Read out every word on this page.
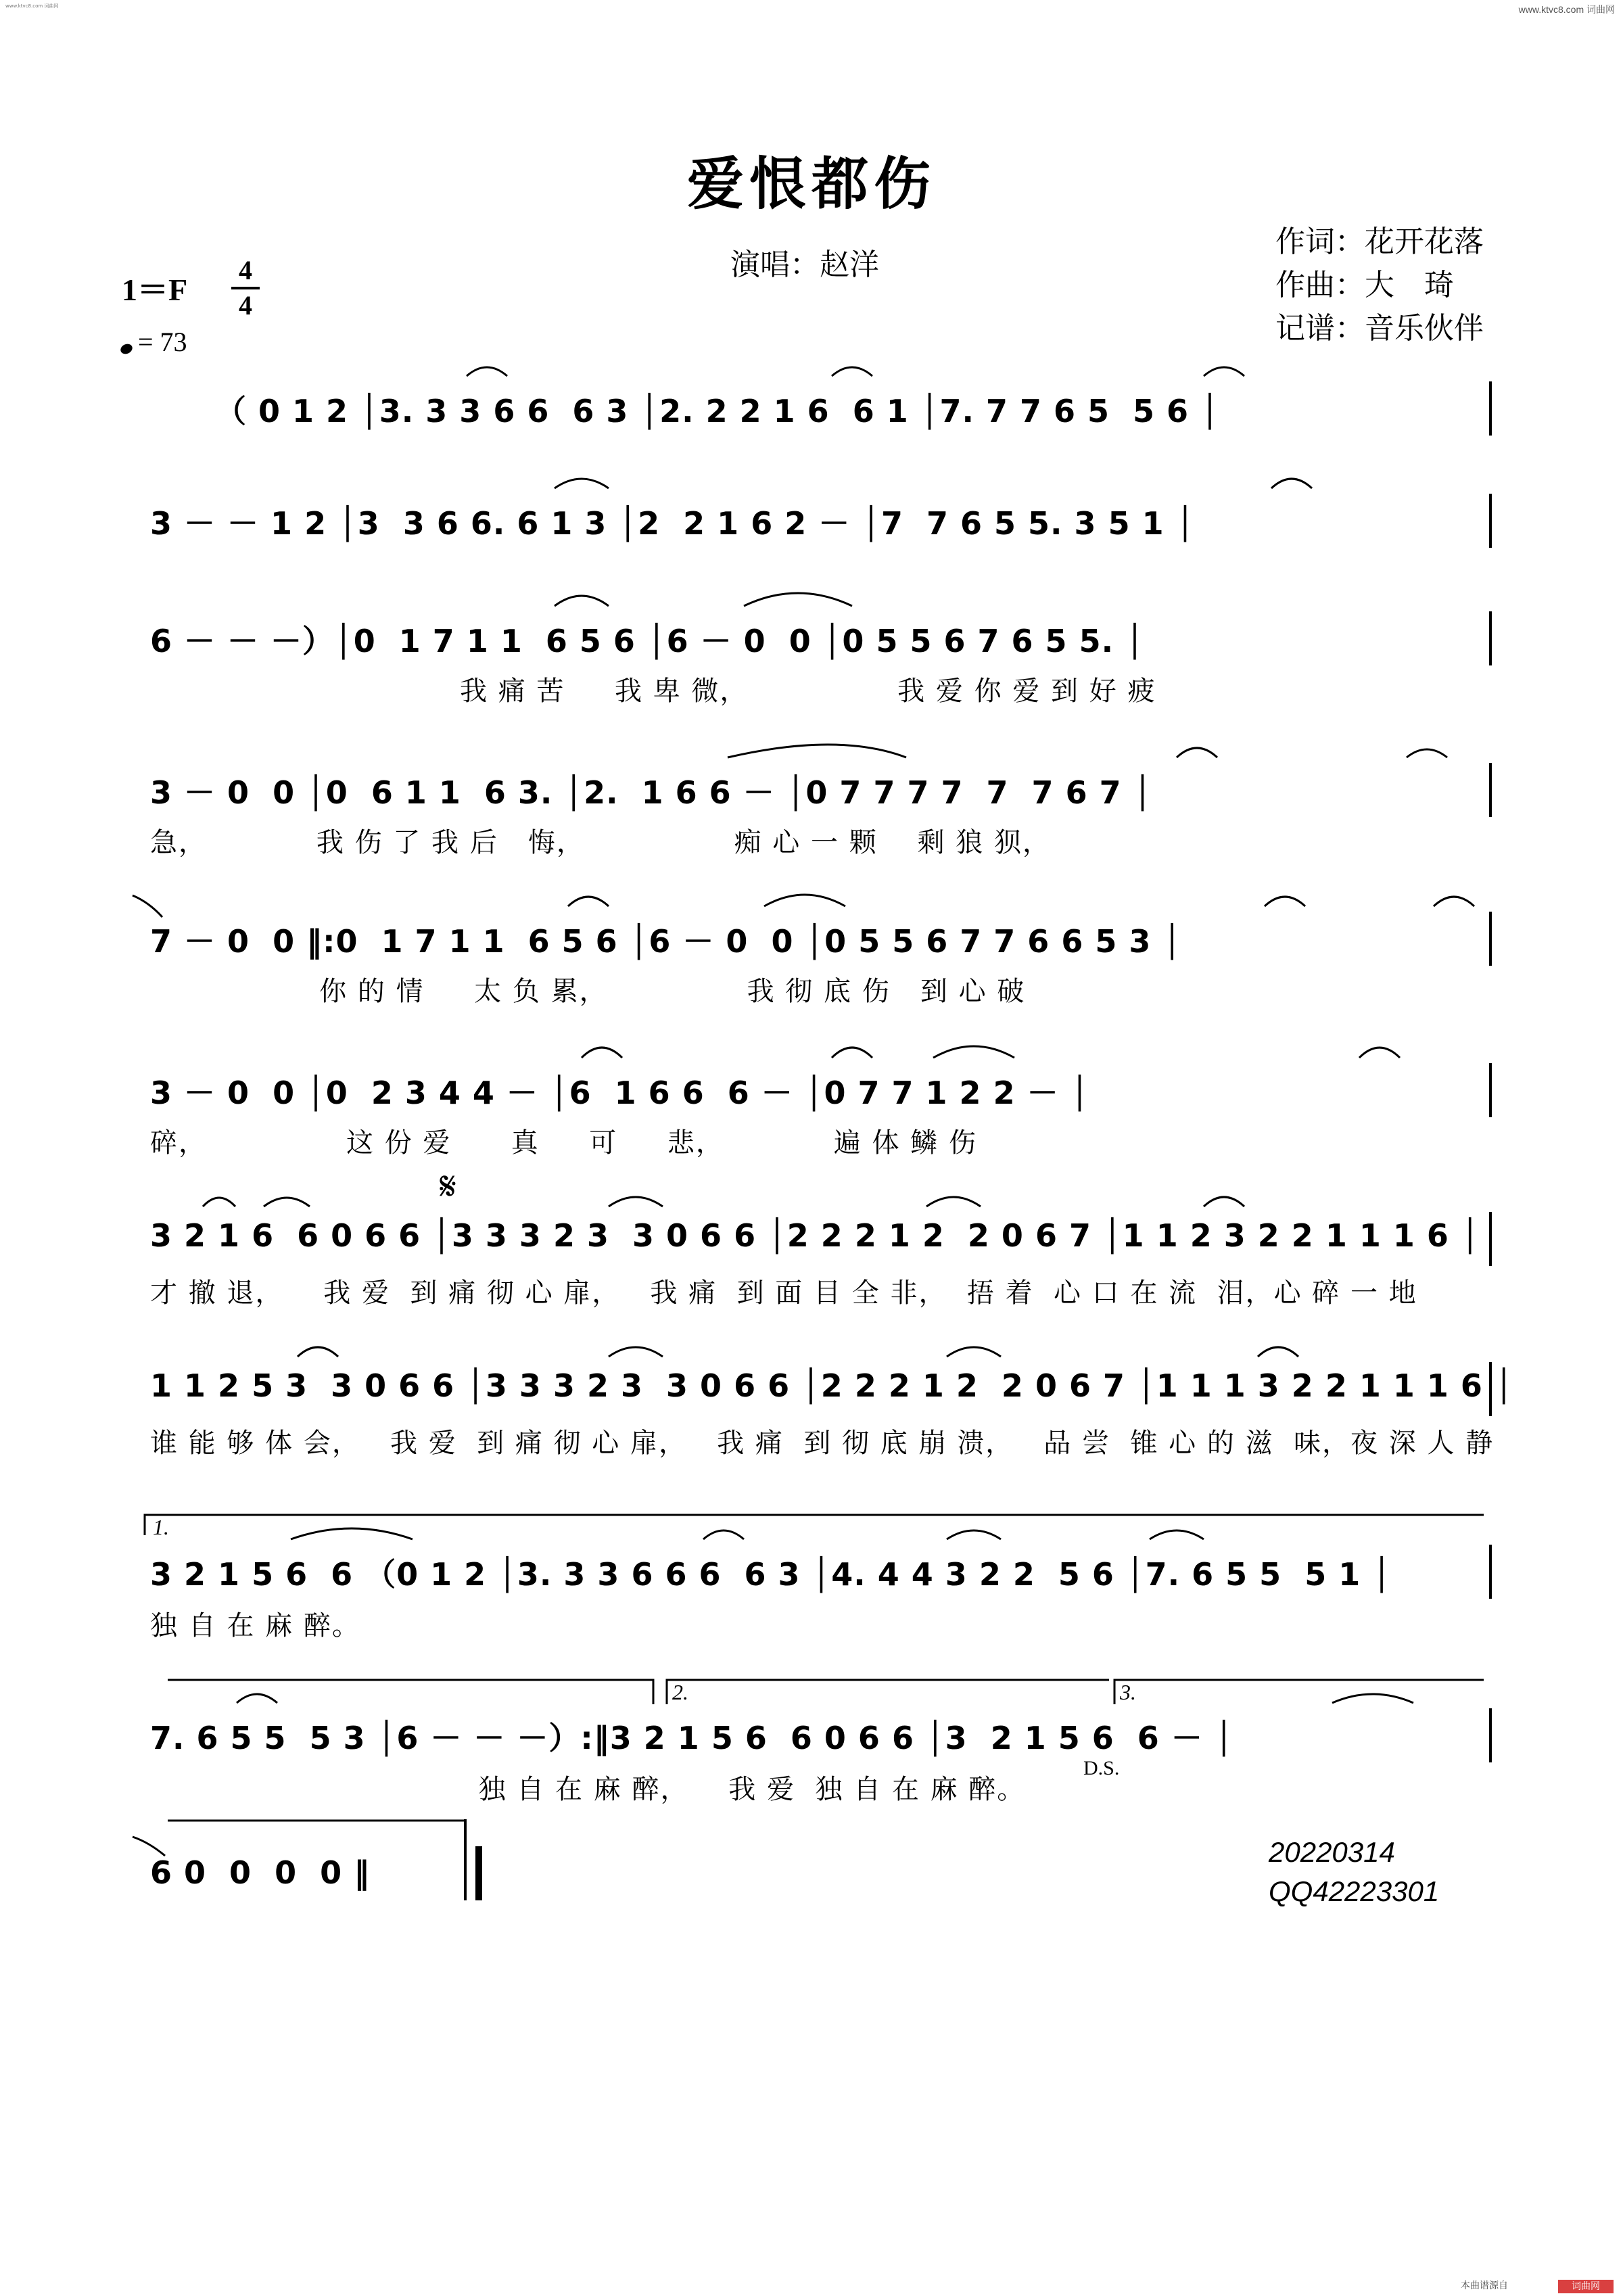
www.ktvc8.com 词曲网	www.ktvc8.com 词曲网
爱恨都伤
演唱：赵洋
作词：花开花落
作曲：大　琦
记谱：音乐伙伴
1＝F
4
4
= 73
（ 0 1 2 │3. 3 3 6 6  6 3 │2. 2 2 1 6  6 1 │7. 7 7 6 5  5 6 │
3 － － 1 2 │3  3 6 6. 6 1 3 │2  2 1 6 2 － │7  7 6 5 5. 3 5 1 │
6 － － －）│0  1 7 1 1  6 5 6 │6 － 0  0 │0 5 5 6 7 6 5 5. │
我 痛 苦     我 卑 微，               我 爱 你 爱 到 好 疲
3 － 0  0 │0  6 1 1  6 3. │2.  1 6 6 － │0 7 7 7 7  7  7 6 7 │
急，           我 伤 了 我 后   悔，               痴 心 一 颗    剩 狼 狈，
7 － 0  0 ‖:0  1 7 1 1  6 5 6 │6 － 0  0 │0 5 5 6 7 7 6 6 5 3 │
你 的 情     太 负 累，              我 彻 底 伤   到 心 破
3 － 0  0 │0  2 3 4 4 － │6  1 6 6  6 － │0 7 7 1 2 2 － │
碎，              这 份 爱      真     可     悲，           遍 体 鳞 伤
𝄋
3 2 1 6  6 0 6 6 │3 3 3 2 3  3 0 6 6 │2 2 2 1 2  2 0 6 7 │1 1 2 3 2 2 1 1 1 6 │
才 撤 退，    我 爱  到 痛 彻 心 扉，   我 痛  到 面 目 全 非，  捂 着  心 口 在 流  泪，心 碎 一 地
1 1 2 5 3  3 0 6 6 │3 3 3 2 3  3 0 6 6 │2 2 2 1 2  2 0 6 7 │1 1 1 3 2 2 1 1 1 6 │
谁 能 够 体 会，   我 爱  到 痛 彻 心 扉，   我 痛  到 彻 底 崩 溃，   品 尝  锥 心 的 滋  味，夜 深 人 静
1.
3 2 1 5 6  6 （0 1 2 │3. 3 3 6 6 6  6 3 │4. 4 4 3 2 2  5 6 │7. 6 5 5  5 1 │
独 自 在 麻 醉。
2.	3.
7. 6 5 5  5 3 │6 － － －）:‖3 2 1 5 6  6 0 6 6 │3  2 1 5 6  6 － │
独 自 在 麻 醉，    我 爱  独 自 在 麻 醉。
D.S.
6 0  0  0  0 ‖
20220314
QQ42223301
本曲谱源自	词曲网
